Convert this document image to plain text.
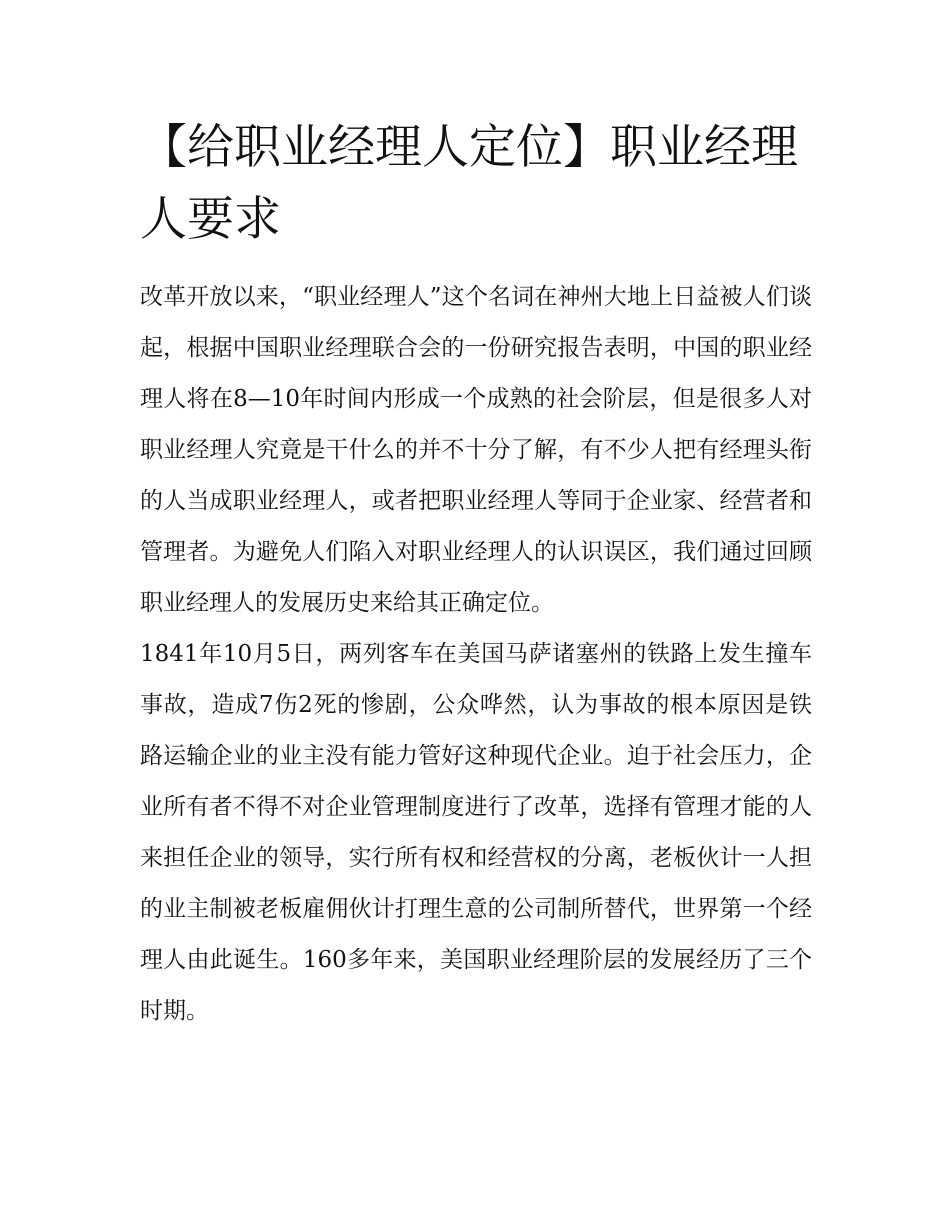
【给职业经理人定位】职业经理人要求

改革开放以来，“职业经理人”这个名词在神州大地上日益被人们谈起，根据中国职业经理联合会的一份研究报告表明，中国的职业经理人将在8—10年时间内形成一个成熟的社会阶层，但是很多人对职业经理人究竟是干什么的并不十分了解，有不少人把有经理头衔的人当成职业经理人，或者把职业经理人等同于企业家、经营者和管理者。为避免人们陷入对职业经理人的认识误区，我们通过回顾职业经理人的发展历史来给其正确定位。

1841年10月5日，两列客车在美国马萨诸塞州的铁路上发生撞车事故，造成7伤2死的惨剧，公众哗然，认为事故的根本原因是铁路运输企业的业主没有能力管好这种现代企业。迫于社会压力，企业所有者不得不对企业管理制度进行了改革，选择有管理才能的人来担任企业的领导，实行所有权和经营权的分离，老板伙计一人担的业主制被老板雇佣伙计打理生意的公司制所替代，世界第一个经理人由此诞生。160多年来，美国职业经理阶层的发展经历了三个时期。
